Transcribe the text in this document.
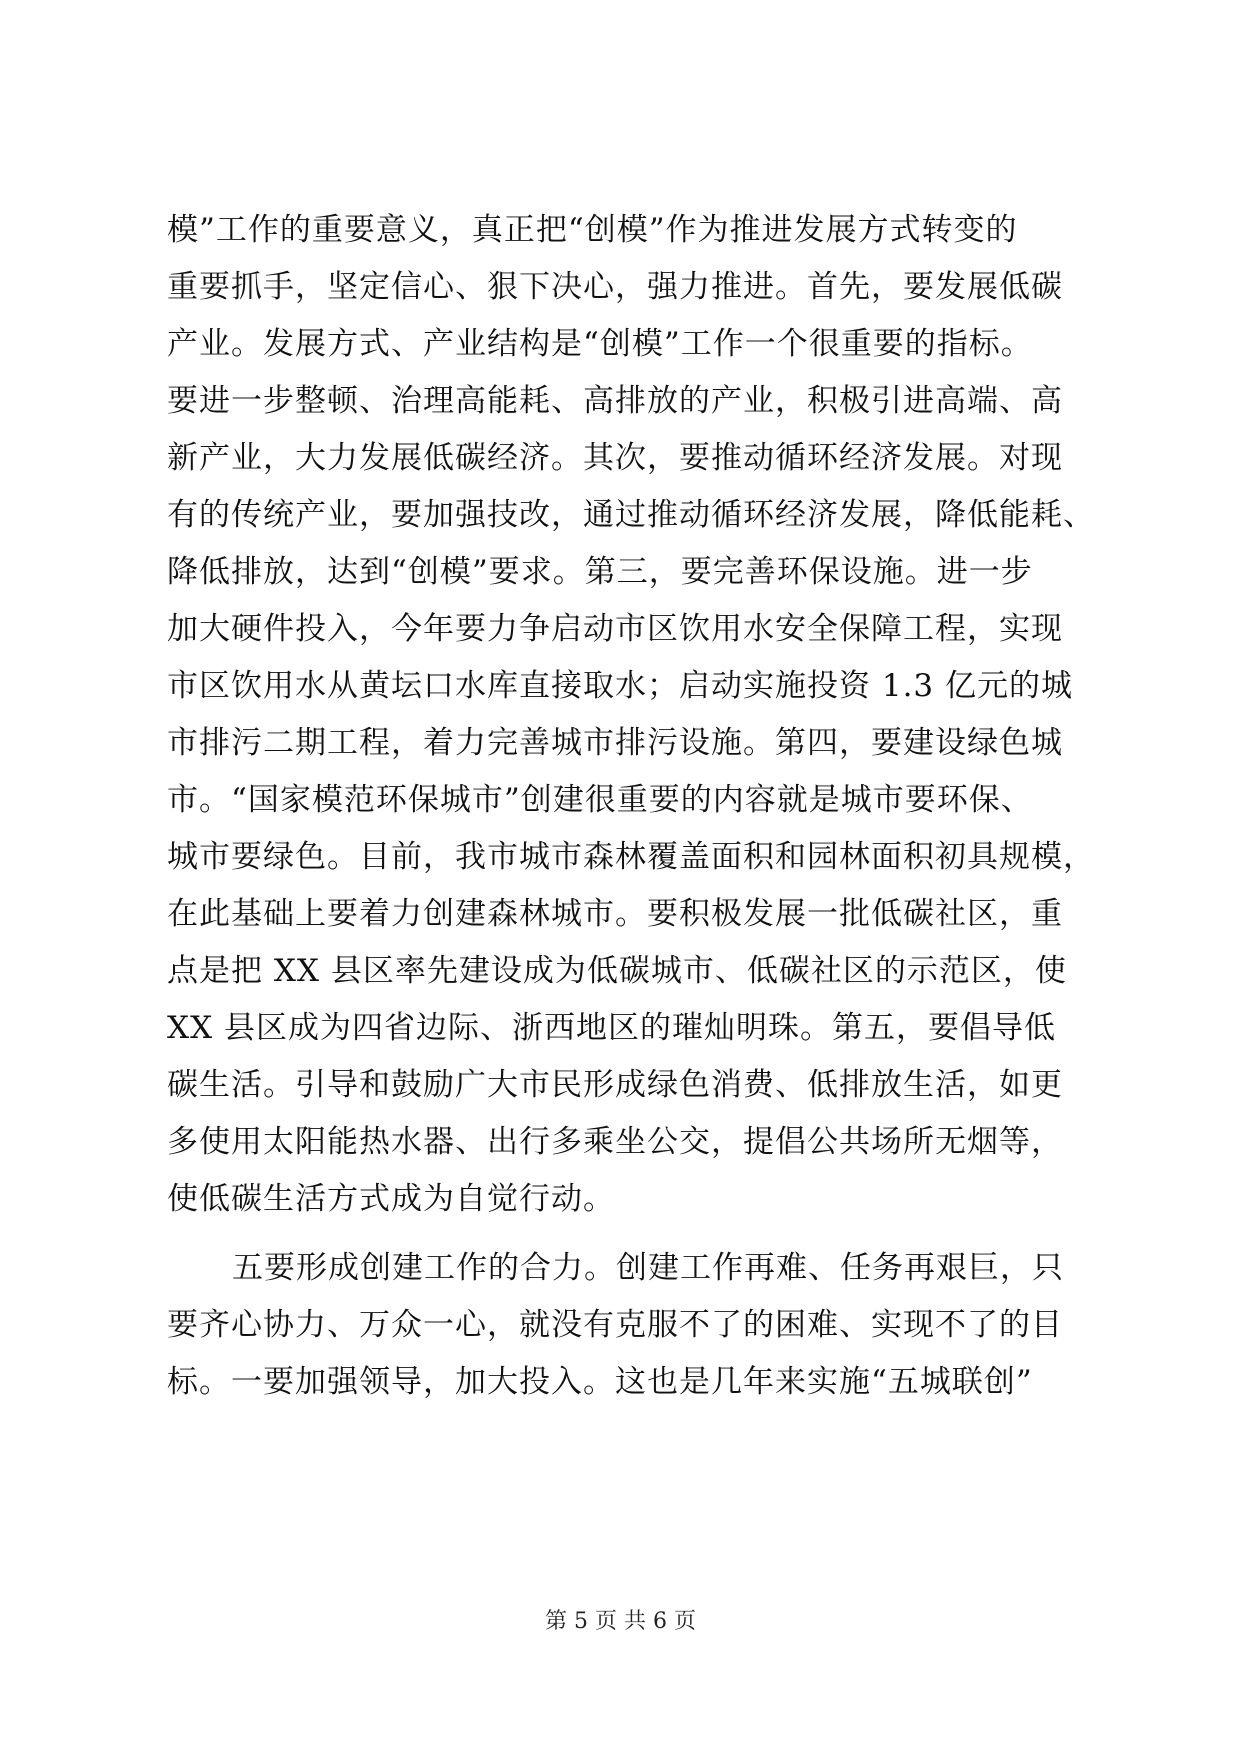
模”工作的重要意义，真正把“创模”作为推进发展方式转变的
重要抓手，坚定信心、狠下决心，强力推进。首先，要发展低碳
产业。发展方式、产业结构是“创模”工作一个很重要的指标。
要进一步整顿、治理高能耗、高排放的产业，积极引进高端、高
新产业，大力发展低碳经济。其次，要推动循环经济发展。对现
有的传统产业，要加强技改，通过推动循环经济发展，降低能耗、
降低排放，达到“创模”要求。第三，要完善环保设施。进一步
加大硬件投入，今年要力争启动市区饮用水安全保障工程，实现
市区饮用水从黄坛口水库直接取水；启动实施投资 1.3 亿元的城
市排污二期工程，着力完善城市排污设施。第四，要建设绿色城
市。“国家模范环保城市”创建很重要的内容就是城市要环保、
城市要绿色。目前，我市城市森林覆盖面积和园林面积初具规模，
在此基础上要着力创建森林城市。要积极发展一批低碳社区，重
点是把 XX 县区率先建设成为低碳城市、低碳社区的示范区，使
XX 县区成为四省边际、浙西地区的璀灿明珠。第五，要倡导低
碳生活。引导和鼓励广大市民形成绿色消费、低排放生活，如更
多使用太阳能热水器、出行多乘坐公交，提倡公共场所无烟等，
使低碳生活方式成为自觉行动。
五要形成创建工作的合力。创建工作再难、任务再艰巨，只
要齐心协力、万众一心，就没有克服不了的困难、实现不了的目
标。一要加强领导，加大投入。这也是几年来实施“五城联创”
第 5 页 共 6 页
